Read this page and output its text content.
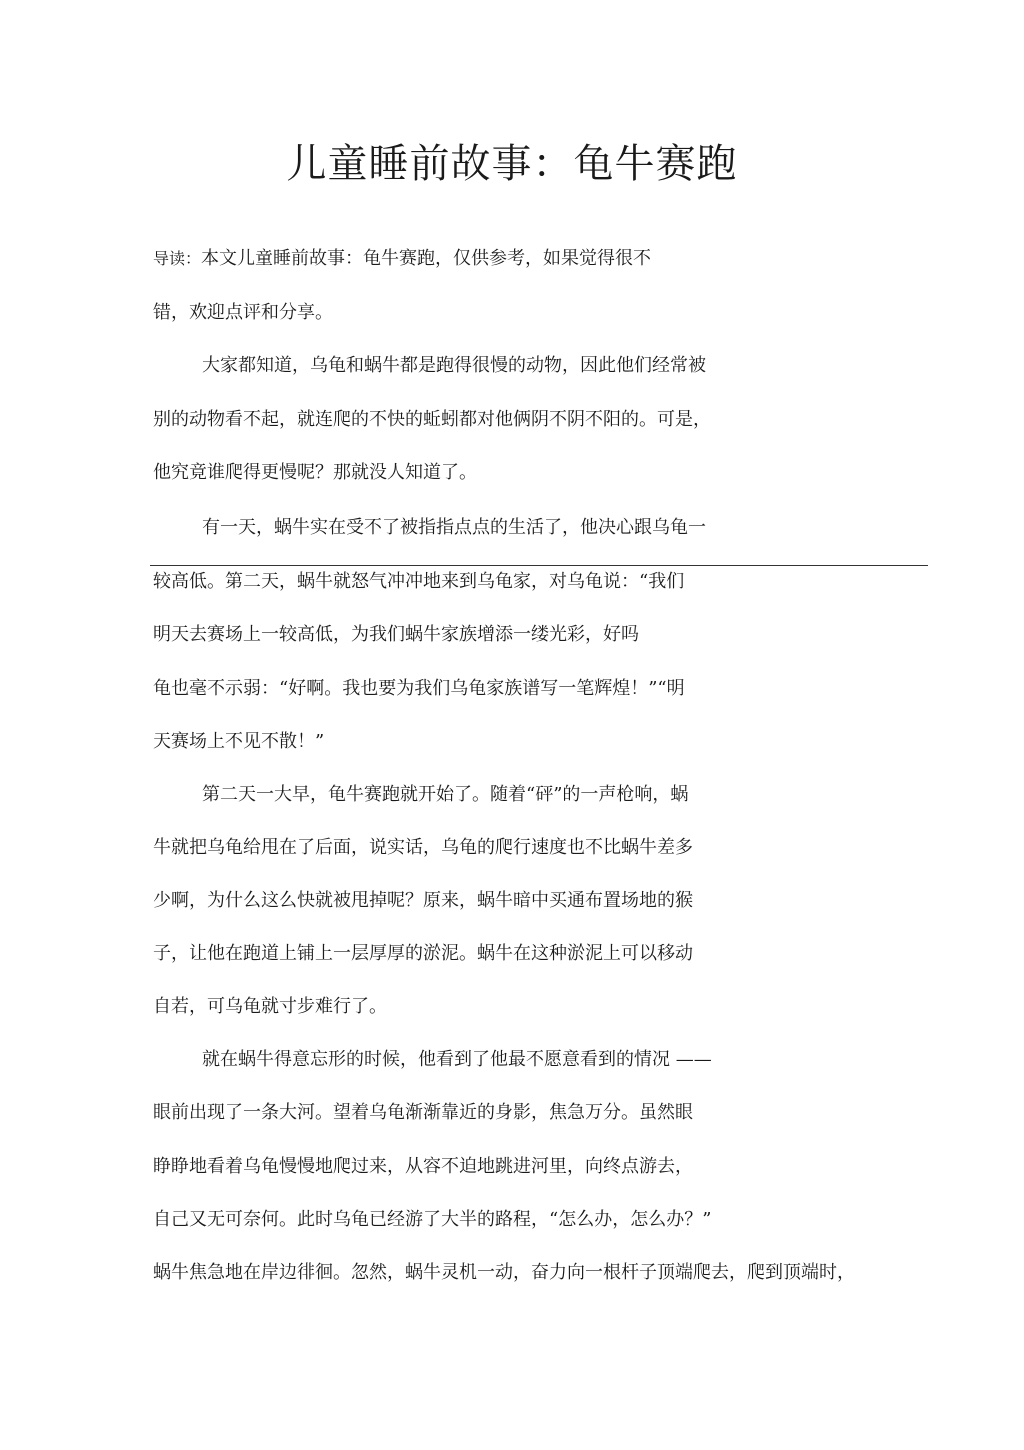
儿童睡前故事：龟牛赛跑
导读：本文儿童睡前故事：龟牛赛跑，仅供参考，如果觉得很不
错，欢迎点评和分享。
大家都知道，乌龟和蜗牛都是跑得很慢的动物，因此他们经常被
别的动物看不起，就连爬的不快的蚯蚓都对他俩阴不阴不阳的。可是，
他究竟谁爬得更慢呢？那就没人知道了。
有一天，蜗牛实在受不了被指指点点的生活了，他决心跟乌龟一
较高低。第二天，蜗牛就怒气冲冲地来到乌龟家，对乌龟说：“我们
明天去赛场上一较高低，为我们蜗牛家族增添一缕光彩，好吗
龟也毫不示弱：“好啊。我也要为我们乌龟家族谱写一笔辉煌！”“明
天赛场上不见不散！”
第二天一大早，龟牛赛跑就开始了。随着“砰”的一声枪响，蜗
牛就把乌龟给甩在了后面，说实话，乌龟的爬行速度也不比蜗牛差多
少啊，为什么这么快就被甩掉呢？原来，蜗牛暗中买通布置场地的猴
子，让他在跑道上铺上一层厚厚的淤泥。蜗牛在这种淤泥上可以移动
自若，可乌龟就寸步难行了。
就在蜗牛得意忘形的时候，他看到了他最不愿意看到的情况 ——
眼前出现了一条大河。望着乌龟渐渐靠近的身影，焦急万分。虽然眼
睁睁地看着乌龟慢慢地爬过来，从容不迫地跳进河里，向终点游去，
自己又无可奈何。此时乌龟已经游了大半的路程，“怎么办，怎么办？”
蜗牛焦急地在岸边徘徊。忽然，蜗牛灵机一动，奋力向一根杆子顶端爬去，爬到顶端时，
